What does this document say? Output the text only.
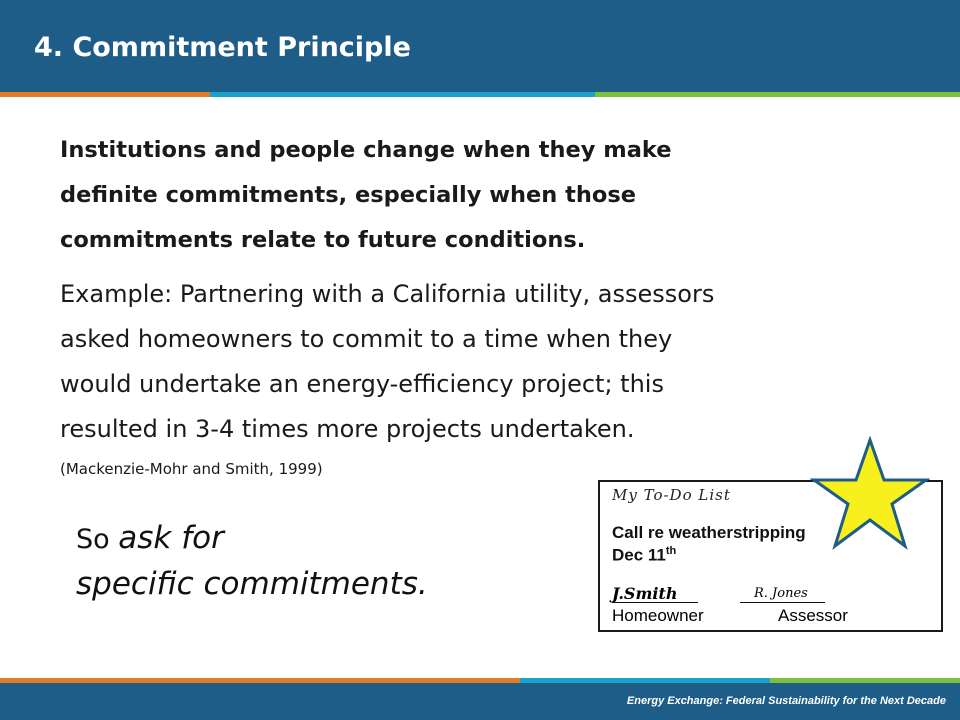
4. Commitment Principle
Institutions and people change when they make
definite commitments, especially when those
commitments relate to future conditions.
Example: Partnering with a California utility, assessors
asked homeowners to commit to a time when they
would undertake an energy-efficiency project; this
resulted in 3-4 times more projects undertaken.
(Mackenzie-Mohr and Smith, 1999)
So ask for
specific commitments.
My To-Do List
Call re weatherstripping
Dec 11th
J.Smith	R. Jones
Homeowner	Assessor
Energy Exchange: Federal Sustainability for the Next Decade
